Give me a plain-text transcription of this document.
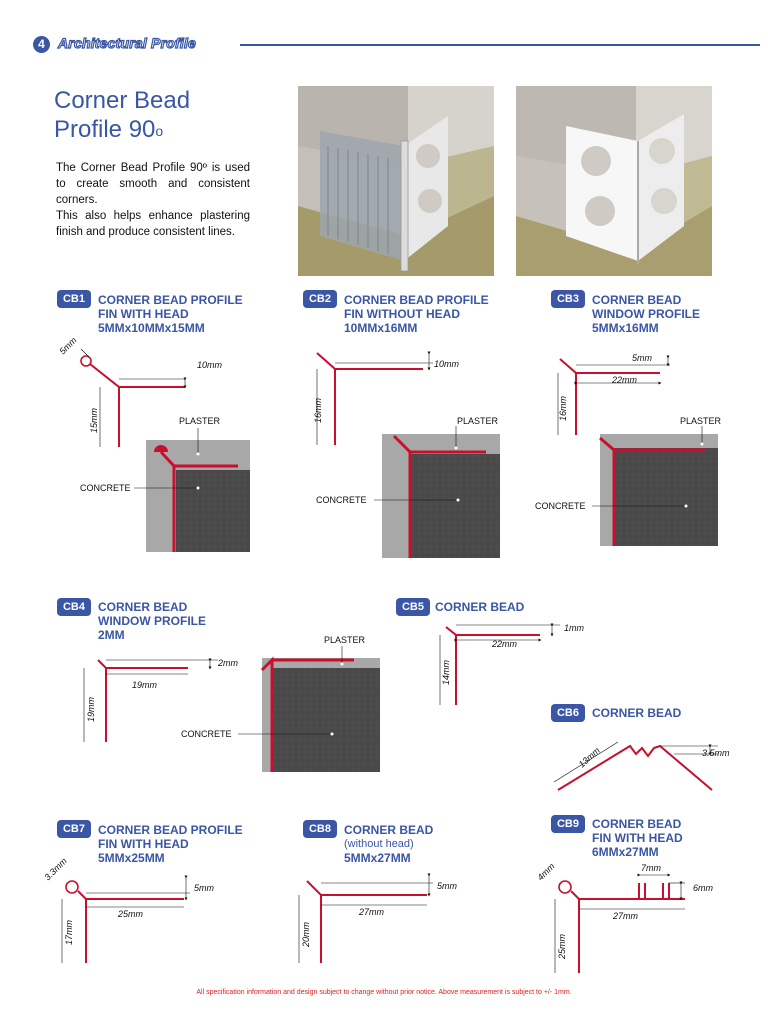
4 Architectural Profile
Corner Bead
Profile 90$^o$

The Corner Bead Profile 90º is used to create smooth and consistent corners.

This also helps enhance plastering finish and produce consistent lines.

CB1	CORNER BEAD PROFILE
FIN WITH HEAD
5MMx10MMx15MM
5mm
10mm
15mm	PLASTER
CONCRETE
CB2	CORNER BEAD PROFILE
FIN WITHOUT HEAD
10MMx16MM
10mm
16mm	PLASTER
CONCRETE
CB3	CORNER BEAD
WINDOW PROFILE
5MMx16MM
5mm
22mm
16mm	PLASTER
CONCRETE
CB4	CORNER BEAD
WINDOW PROFILE
2MM
2mm
19mm
19mm
PLASTER
CONCRETE
CB5 CORNER BEAD
1mm
22mm
14mm
CB6	CORNER BEAD
13mm	3.5mm
CB7	CORNER BEAD PROFILE
FIN WITH HEAD
5MMx25MM
3.3mm
5mm
25mm
17mm
CB8	CORNER BEAD
(without head)
5MMx27MM
5mm
27mm
20mm
CB9	CORNER BEAD
FIN WITH HEAD
6MMx27MM
4mm	7mm
6mm
27mm
25mm
All specification information and design subject to change without prior notice. Above measurement is subject to +/- 1mm.
